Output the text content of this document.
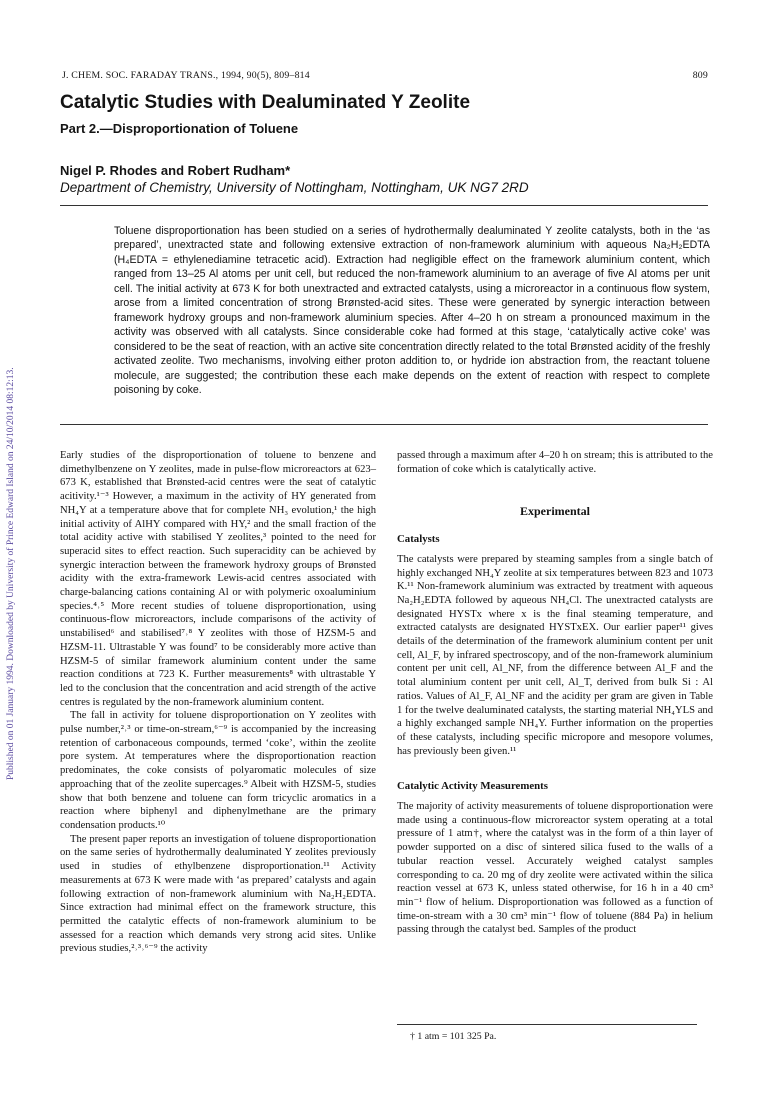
Published on 01 January 1994. Downloaded by University of Prince Edward Island on 24/10/2014 08:12:13.
J. CHEM. SOC. FARADAY TRANS., 1994, 90(5), 809–814	809
Catalytic Studies with Dealuminated Y Zeolite
Part 2.—Disproportionation of Toluene
Nigel P. Rhodes and Robert Rudham*
Department of Chemistry, University of Nottingham, Nottingham, UK NG7 2RD
Toluene disproportionation has been studied on a series of hydrothermally dealuminated Y zeolite catalysts, both in the ‘as prepared’, unextracted state and following extensive extraction of non-framework aluminium with aqueous Na₂H₂EDTA (H₄EDTA = ethylenediamine tetracetic acid). Extraction had negligible effect on the framework aluminium content, which ranged from 13–25 Al atoms per unit cell, but reduced the non-framework aluminium to an average of five Al atoms per unit cell. The initial activity at 673 K for both unextracted and extracted catalysts, using a microreactor in a continuous flow system, arose from a limited concentration of strong Brønsted-acid sites. These were generated by synergic interaction between framework hydroxy groups and non-framework aluminium species. After 4–20 h on stream a pronounced maximum in the activity was observed with all catalysts. Since considerable coke had formed at this stage, ‘catalytically active coke’ was considered to be the seat of reaction, with an active site concentration directly related to the total Brønsted acidity of the freshly activated zeolite. Two mechanisms, involving either proton addition to, or hydride ion abstraction from, the reactant toluene molecule, are suggested; the contribution these each make depends on the extent of reaction with respect to complete poisoning by coke.

Early studies of the disproportionation of toluene to benzene and dimethylbenzene on Y zeolites, made in pulse-flow microreactors at 623–673 K, established that Brønsted-acid centres were the seat of catalytic acitivity.¹⁻³ However, a maximum in the activity of HY generated from NH₄Y at a temperature above that for complete NH₃ evolution,¹ the high initial activity of AlHY compared with HY,² and the small fraction of the total acidity active with stabilised Y zeolites,³ pointed to the need for superacid sites to effect reaction. Such superacidity can be achieved by synergic interaction between the framework hydroxy groups of Brønsted acidity with the extra-framework Lewis-acid centres associated with charge-balancing cations containing Al or with polymeric oxoaluminium species.⁴˒⁵ More recent studies of toluene disproportionation, using continuous-flow microreactors, include comparisons of the activity of unstabilised⁶ and stabilised⁷˒⁸ Y zeolites with those of HZSM-5 and HZSM-11. Ultrastable Y was found⁷ to be considerably more active than HZSM-5 of similar framework aluminium content under the same reaction conditions at 723 K. Further measurements⁸ with ultrastable Y led to the conclusion that the concentration and acid strength of the active centres is regulated by the non-framework aluminium content.

The fall in activity for toluene disproportionation on Y zeolites with pulse number,²˒³ or time-on-stream,⁶⁻⁹ is accompanied by the increasing retention of carbonaceous compounds, termed ‘coke’, within the zeolite pore system. At temperatures where the disproportionation reaction predominates, the coke consists of polyaromatic molecules of size approaching that of the zeolite supercages.⁹ Albeit with HZSM-5, studies show that both benzene and toluene can form tricyclic aromatics in a reaction where biphenyl and diphenylmethane are the primary condensation products.¹⁰

The present paper reports an investigation of toluene disproportionation on the same series of hydrothermally dealuminated Y zeolites previously used in studies of ethylbenzene disproportionation.¹¹ Activity measurements at 673 K were made with ‘as prepared’ catalysts and again following extraction of non-framework aluminium with Na₂H₂EDTA. Since extraction had minimal effect on the framework structure, this permitted the catalytic effects of non-framework aluminium to be assessed for a reaction which demands very strong acid sites. Unlike previous studies,²˒³˒⁶⁻⁹ the activity

passed through a maximum after 4–20 h on stream; this is attributed to the formation of coke which is catalytically active.

Experimental
Catalysts

The catalysts were prepared by steaming samples from a single batch of highly exchanged NH₄Y zeolite at six temperatures between 823 and 1073 K.¹¹ Non-framework aluminium was extracted by treatment with aqueous Na₂H₂EDTA followed by aqueous NH₄Cl. The unextracted catalysts are designated HYSTx where x is the final steaming temperature, and extracted catalysts are designated HYSTxEX. Our earlier paper¹¹ gives details of the determination of the framework aluminium content per unit cell, Al_F, by infrared spectroscopy, and of the non-framework aluminium content per unit cell, Al_NF, from the difference between Al_F and the total aluminium content per unit cell, Al_T, derived from bulk Si : Al ratios. Values of Al_F, Al_NF and the acidity per gram are given in Table 1 for the twelve dealuminated catalysts, the starting material NH₄YLS and a highly exchanged sample NH₄Y. Further information on the properties of these catalysts, including specific micropore and mesopore volumes, has previously been given.¹¹

Catalytic Activity Measurements

The majority of activity measurements of toluene disproportionation were made using a continuous-flow microreactor system operating at a total pressure of 1 atm†, where the catalyst was in the form of a thin layer of powder supported on a disc of sintered silica fused to the walls of a tubular reaction vessel. Accurately weighed catalyst samples corresponding to ca. 20 mg of dry zeolite were activated within the silica reaction vessel at 673 K, unless stated otherwise, for 16 h in a 40 cm³ min⁻¹ flow of helium. Disproportionation was followed as a function of time-on-stream with a 30 cm³ min⁻¹ flow of toluene (884 Pa) in helium passing through the catalyst bed. Samples of the product

† 1 atm = 101 325 Pa.
